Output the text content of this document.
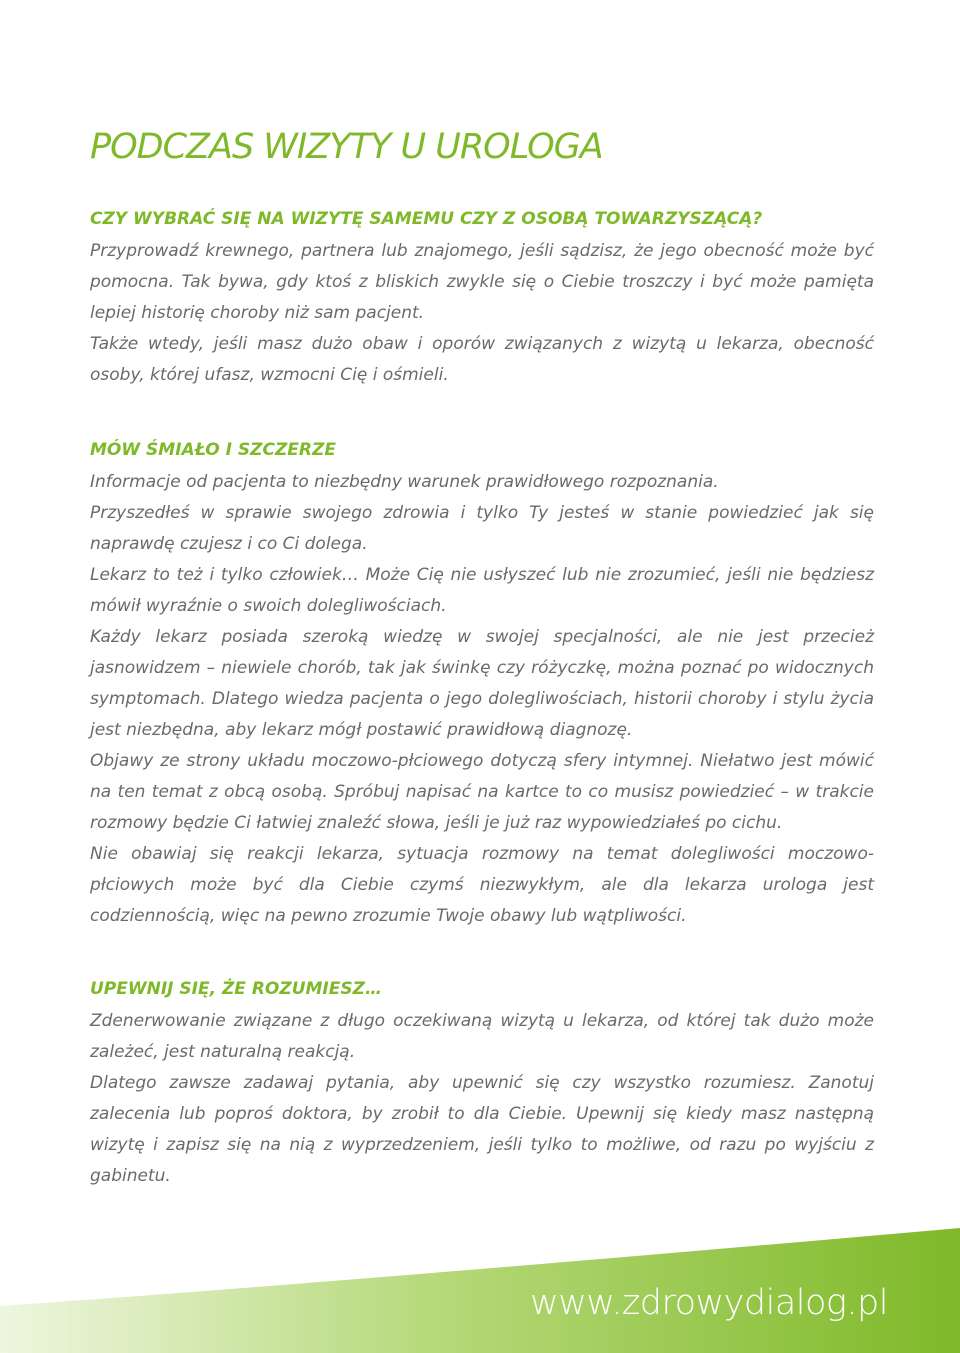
PODCZAS WIZYTY U UROLOGA
CZY WYBRAĆ SIĘ NA WIZYTĘ SAMEMU CZY Z OSOBĄ TOWARZYSZĄCĄ?

Przyprowadź krewnego, partnera lub znajomego, jeśli sądzisz, że jego obecność może być pomocna. Tak bywa, gdy ktoś z bliskich zwykle się o Ciebie troszczy i być może pamięta lepiej historię choroby niż sam pacjent.

Także wtedy, jeśli masz dużo obaw i oporów związanych z wizytą u lekarza, obecność osoby, której ufasz, wzmocni Cię i ośmieli.

MÓW ŚMIAŁO I SZCZERZE

Informacje od pacjenta to niezbędny warunek prawidłowego rozpoznania.

Przyszedłeś w sprawie swojego zdrowia i tylko Ty jesteś w stanie powiedzieć jak się naprawdę czujesz i co Ci dolega.

Lekarz to też i tylko człowiek… Może Cię nie usłyszeć lub nie zrozumieć, jeśli nie będziesz mówił wyraźnie o swoich dolegliwościach.

Każdy lekarz posiada szeroką wiedzę w swojej specjalności, ale nie jest przecież jasnowidzem – niewiele chorób, tak jak świnkę czy różyczkę, można poznać po widocznych symptomach. Dlatego wiedza pacjenta o jego dolegliwościach, historii choroby i stylu życia jest niezbędna, aby lekarz mógł postawić prawidłową diagnozę.

Objawy ze strony układu moczowo-płciowego dotyczą sfery intymnej. Niełatwo jest mówić na ten temat z obcą osobą. Spróbuj napisać na kartce to co musisz powiedzieć – w trakcie rozmowy będzie Ci łatwiej znaleźć słowa, jeśli je już raz wypowiedziałeś po cichu.

Nie obawiaj się reakcji lekarza, sytuacja rozmowy na temat dolegliwości moczowo-płciowych może być dla Ciebie czymś niezwykłym, ale dla lekarza urologa jest codziennością, więc na pewno zrozumie Twoje obawy lub wątpliwości.

UPEWNIJ SIĘ, ŻE ROZUMIESZ…

Zdenerwowanie związane z długo oczekiwaną wizytą u lekarza, od której tak dużo może zależeć, jest naturalną reakcją.

Dlatego zawsze zadawaj pytania, aby upewnić się czy wszystko rozumiesz. Zanotuj zalecenia lub poproś doktora, by zrobił to dla Ciebie. Upewnij się kiedy masz następną wizytę i zapisz się na nią z wyprzedzeniem, jeśli tylko to możliwe, od razu po wyjściu z gabinetu.

www.zdrowydialog.pl
